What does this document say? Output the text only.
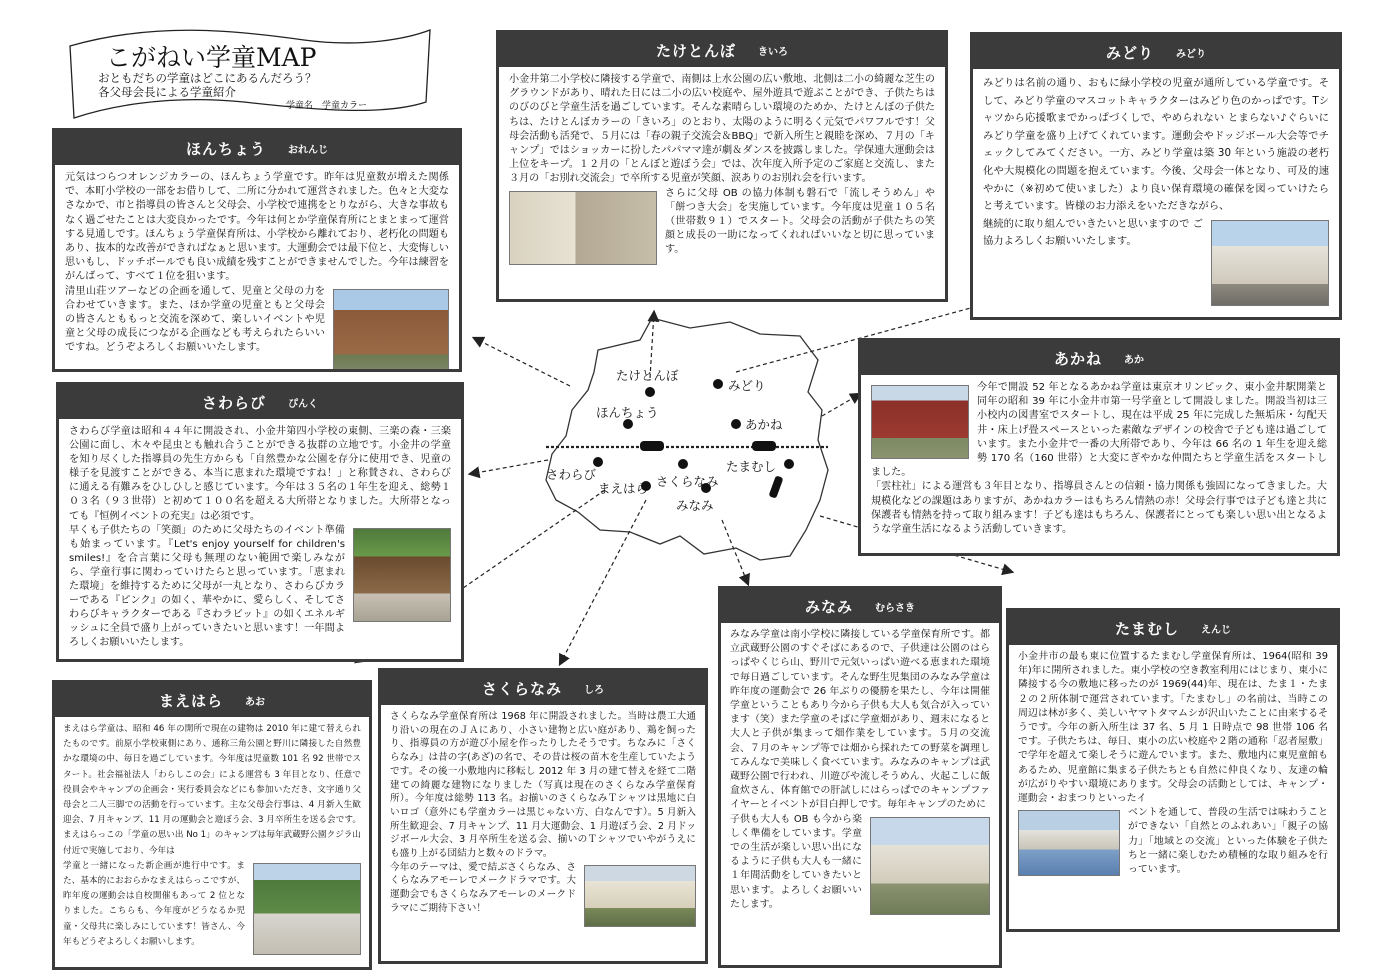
こがねい学童MAP
おともだちの学童はどこにあるんだろう？
各父母会長による学童紹介
学童名　学童カラー
たけとんぼ
みどり
ほんちょう
あかね
さわらび
たまむし
まえはら さくらなみ
みなみ
ほんちょう おれんじ

元気はつらつオレンジカラーの、ほんちょう学童です。昨年は児童数が増えた関係で、本町小学校の一部をお借りして、二所に分かれて運営されました。色々と大変なさなかで、市と指導員の皆さんと父母会、小学校で連携をとりながら、大きな事故もなく過ごせたことは大変良かったです。今年は何とか学童保育所にとまとまって運営する見通しです。ほんちょう学童保育所は、小学校から離れており、老朽化の問題もあり、抜本的な改善ができればなぁと思います。大運動会では最下位と、大変悔しい思いもし、ドッチボールでも良い成績を残すことができませんでした。今年は練習をがんばって、すべて１位を狙います。

清里山荘ツアーなどの企画を通して、児童と父母の力を合わせていきます。また、ほか学童の児童ともと父母会の皆さんとももっと交流を深めて、楽しいイベントや児童と父母の成長につながる企画なども考えられたらいいですね。どうぞよろしくお願いいたします。

たけとんぼ きいろ

小金井第二小学校に隣接する学童で、南側は上水公園の広い敷地、北側は二小の綺麗な芝生のグラウンドがあり、晴れた日には二小の広い校庭や、屋外遊具で遊ぶことができ、子供たちはのびのびと学童生活を過ごしています。そんな素晴らしい環境のためか、たけとんぼの子供たちは、たけとんぼカラーの「きいろ」のとおり、太陽のように明るく元気でパワフルです！父母会活動も活発で、５月には「春の親子交流会＆BBQ」で新入所生と親睦を深め、７月の「キャンプ」ではショッカーに扮したパパママ達が劇＆ダンスを披露しました。学保連大運動会は上位をキープ。１２月の「とんぼと遊ぼう会」では、次年度入所予定のご家庭と交流し、また３月の「お別れ交流会」で卒所する児童が笑顔、涙ありのお別れ会を行います。

さらに父母 OB の協力体制も磐石で「流しそうめん」や「餅つき大会」を実施しています。今年度は児童１０５名（世帯数９１）でスタート。父母会の活動が子供たちの笑顔と成長の一助になってくれればいいなと切に思っています。

みどり みどり

みどりは名前の通り、おもに緑小学校の児童が通所している学童です。そして、みどり学童のマスコットキャラクターはみどり色のかっぱです。Tシャツから応援歌までかっぱづくしで、やめられない とまらない♪ぐらいにみどり学童を盛り上げてくれています。運動会やドッジボール大会等でチェックしてみてください。一方、みどり学童は築 30 年という施設の老朽化や大規模化の問題を抱えています。今後、父母会一体となり、可及的速やかに（※初めて使いました）より良い保育環境の確保を図っていけたらと考えています。皆様のお力添えをいただきながら、

継続的に取り組んでいきたいと思いますので ご協力よろしくお願いいたします。

あかね あか

今年で開設 52 年となるあかね学童は東京オリンピック、東小金井駅開業と同年の昭和 39 年に小金井市第一号学童として開設しました。開設当初は三小校内の図書室でスタートし、現在は平成 25 年に完成した無垢床・勾配天井・床上げ畳スペースといった素敵なデザインの校舎で子ども達は過ごしています。また小金井で一番の大所帯であり、今年は 66 名の 1 年生を迎え総勢 170 名（160 世帯）と大変にぎやかな仲間たちと学童生活をスタートしました。

「雲柱社」による運営も３年目となり、指導員さんとの信頼・協力関係も強固になってきました。大規模化などの課題はありますが、あかねカラーはもちろん情熱の赤！父母会行事では子ども達と共に保護者も情熱を持って取り組みます！子ども達はもちろん、保護者にとっても楽しい思い出となるような学童生活になるよう活動していきます。

さわらび ぴんく

さわらび学童は昭和４４年に開設され、小金井第四小学校の東側、三楽の森・三楽公園に面し、木々や昆虫とも触れ合うことができる抜群の立地です。小金井の学童を知り尽くした指導員の先生方からも「自然豊かな公園を存分に使用でき、児童の様子を見渡すことができる、本当に恵まれた環境ですね！」と称賛され、さわらびに通える有難みをひしひしと感じています。今年は３５名の１年生を迎え、総勢１０３名（９３世帯）と初めて１００名を超える大所帯となりました。大所帯となっても『恒例イベントの充実』は必須です。

早くも子供たちの「笑顔」のために父母たちのイベント準備も始まっています。『Let's enjoy yourself for children's smiles!』を合言葉に父母も無理のない範囲で楽しみながら、学童行事に関わっていけたらと思っています。「恵まれた環境」を維持するために父母が一丸となり、さわらびカラーである『ピンク』の如く、華やかに、愛らしく、そしてさわらびキャラクターである『さわラビット』の如くエネルギッシュに全員で盛り上がっていきたいと思います！一年間よろしくお願いいたします。

まえはら あお

まえはら学童は、昭和 46 年の開所で現在の建物は 2010 年に建て替えられたものです。前原小学校東側にあり、通称三角公園と野川に隣接した自然豊かな環境の中、毎日を過ごしています。今年度は児童数 101 名 92 世帯でスタート。社会福祉法人「わらしこの会」による運営も 3 年目となり、任意で役員会やキャンプの企画会・実行委員会などにも参加いただき、文字通り父母会と二人三脚での活動を行っています。主な父母会行事は、4 月新入生歓迎会、7 月キャンプ、11 月の運動会と遊ぼう会、3 月卒所生を送る会です。まえはらっこの「学童の思い出 No 1」のキャンプは毎年武蔵野公園クジラ山付近で実施しており、今年は

学童と一緒になった新企画が進行中です。また、基本的におおらかなまえはらっこですが、昨年度の運動会は自校開催もあって 2 位となりました。こちらも、今年度がどうなるか児童・父母共に楽しみにしています！皆さん、今年もどうぞよろしくお願いします。

さくらなみ しろ

さくらなみ学童保育所は 1968 年に開設されました。当時は農工大通り沿いの現在のＪＡにあり、小さい建物と広い庭があり、鶏を飼ったり、指導員の方が遊び小屋を作ったりしたそうです。ちなみに「さくらなみ」は昔の字(あざ)の名で、その昔は桜の苗木を生産していたようです。その後一小敷地内に移転し 2012 年 3 月の建て替えを経て二階建ての綺麗な建物になりました（写真は現在のさくらなみ学童保育所）。今年度は総勢 113 名。お揃いのさくらなみＴシャツは黒地に白いロゴ（意外にも学童カラーは黒じゃない方、白なんです）。5 月新入所生歓迎会、7 月キャンプ、11 月大運動会、1 月遊ぼう会、2 月ドッジボール大会、3 月卒所生を送る会、揃いのＴシャツでいやがうえにも盛り上がる団結力と数々のドラマ。

今年のテーマは、愛で結ぶさくらなみ、さくらなみアモーレでメークドラマです。大運動会でもさくらなみアモーレのメークドラマにご期待下さい！

みなみ むらさき

みなみ学童は南小学校に隣接している学童保育所です。都立武蔵野公園のすぐそばにあるので、子供達は公園のはらっぱやくじら山、野川で元気いっぱい遊べる恵まれた環境で毎日過ごしています。そんな野生児集団のみなみ学童は昨年度の運動会で 26 年ぶりの優勝を果たし、今年は開催学童ということもあり今から子供も大人も気合が入っています（笑）また学童のそばに学童畑があり、週末になると大人と子供が集まって畑作業をしています。５月の交流会、７月のキャンプ等では畑から採れたての野菜を調理してみんなで美味しく食べています。みなみのキャンプは武蔵野公園で行われ、川遊びや流しそうめん、火起こしに飯盒炊さん、体育館での肝試しにはらっぱでのキャンプファイヤーとイベントが目白押しです。毎年キャンプのために

子供も大人も OB も今から楽しく準備をしています。学童での生活が楽しい思い出になるように子供も大人も一緒に１年間活動をしていきたいと思います。よろしくお願いいたします。

たまむし えんじ

小金井市の最も東に位置するたまむし学童保育所は、1964(昭和 39 年)年に開所されました。東小学校の空き教室利用にはじまり、東小に隣接する今の敷地に移ったのが 1969(44)年、現在は、たま１・たま２の２所体制で運営されています。「たまむし」の名前は、当時この周辺は林が多く、美しいヤマトタマムシが沢山いたことに由来するそうです。今年の新入所生は 37 名、5 月 1 日時点で 98 世帯 106 名です。子供たちは、毎日、東小の広い校庭や２階の通称「忍者屋敷」で学年を超えて楽しそうに遊んでいます。また、敷地内に東児童館もあるため、児童館に集まる子供たちとも自然に仲良くなり、友達の輪が広がりやすい環境にあります。父母会の活動としては、キャンプ・運動会・おまつりといったイ

ベントを通して、普段の生活では味わうことができない「自然とのふれあい」「親子の協力」「地域との交流」といった体験を子供たちと一緒に楽しむため積極的な取り組みを行っています。
